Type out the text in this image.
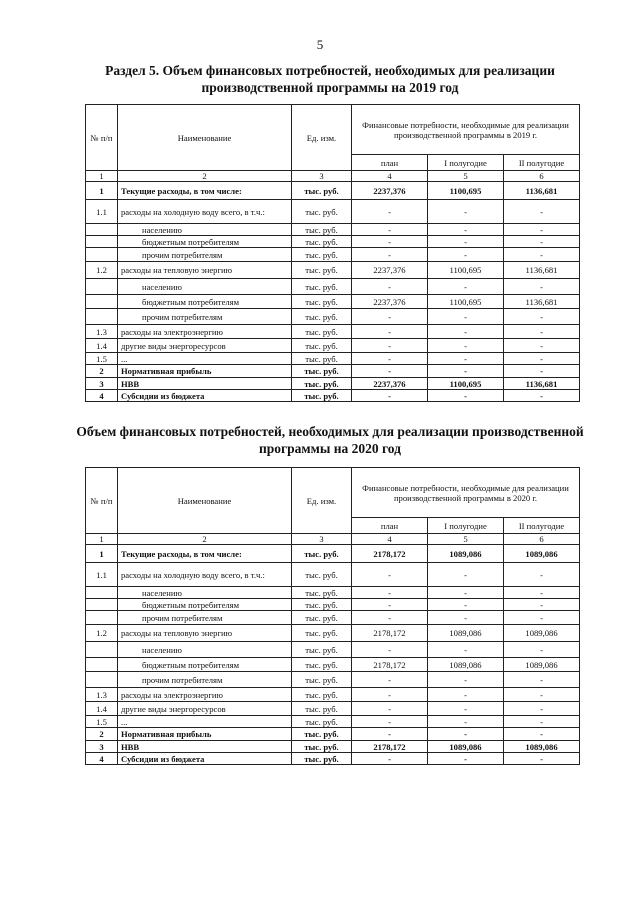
5
Раздел 5. Объем финансовых потребностей, необходимых для реализации производственной программы на 2019 год
№ п/п	Наименование	Ед. изм.	Финансовые потребности, необходимые для реализации производственной программы в 2019 г.		
			план	I полугодие	II полугодие
1	2	3	4	5	6
1	Текущие расходы, в том числе:	тыс. руб.	2237,376	1100,695	1136,681
1.1	расходы на холодную воду всего, в т.ч.:	тыс. руб.	-	-	-
	населению	тыс. руб.	-	-	-
	бюджетным потребителям	тыс. руб.	-	-	-
	прочим потребителям	тыс. руб.	-	-	-
1.2	расходы на тепловую энергию	тыс. руб.	2237,376	1100,695	1136,681
	населению	тыс. руб.	-	-	-
	бюджетным потребителям	тыс. руб.	2237,376	1100,695	1136,681
	прочим потребителям	тыс. руб.	-	-	-
1.3	расходы на электроэнергию	тыс. руб.	-	-	-
1.4	другие виды энергоресурсов	тыс. руб.	-	-	-
1.5	...	тыс. руб.	-	-	-
2	Нормативная прибыль	тыс. руб.	-	-	-
3	НВВ	тыс. руб.	2237,376	1100,695	1136,681
4	Субсидии из бюджета	тыс. руб.	-	-	-
Объем финансовых потребностей, необходимых для реализации производственной программы на 2020 год
№ п/п	Наименование	Ед. изм.	Финансовые потребности, необходимые для реализации производственной программы в 2020 г.		
			план	I полугодие	II полугодие
1	2	3	4	5	6
1	Текущие расходы, в том числе:	тыс. руб.	2178,172	1089,086	1089,086
1.1	расходы на холодную воду всего, в т.ч.:	тыс. руб.	-	-	-
	населению	тыс. руб.	-	-	-
	бюджетным потребителям	тыс. руб.	-	-	-
	прочим потребителям	тыс. руб.	-	-	-
1.2	расходы на тепловую энергию	тыс. руб.	2178,172	1089,086	1089,086
	населению	тыс. руб.	-	-	-
	бюджетным потребителям	тыс. руб.	2178,172	1089,086	1089,086
	прочим потребителям	тыс. руб.	-	-	-
1.3	расходы на электроэнергию	тыс. руб.	-	-	-
1.4	другие виды энергоресурсов	тыс. руб.	-	-	-
1.5	...	тыс. руб.	-	-	-
2	Нормативная прибыль	тыс. руб.	-	-	-
3	НВВ	тыс. руб.	2178,172	1089,086	1089,086
4	Субсидии из бюджета	тыс. руб.	-	-	-
